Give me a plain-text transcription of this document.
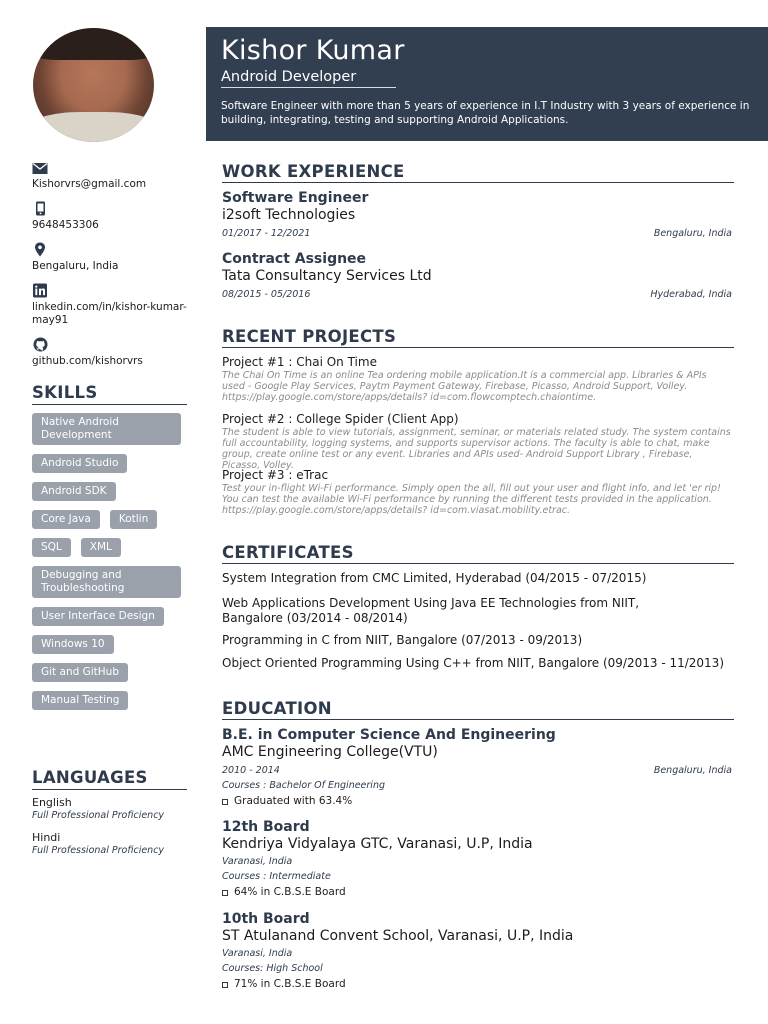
Kishor Kumar
Android Developer
Software Engineer with more than 5 years of experience in I.T Industry with 3 years of experience in building, integrating, testing and supporting Android Applications.
Kishorvrs@gmail.com
9648453306
Bengaluru, India
linkedin.com/in/kishor-kumar-may91
github.com/kishorvrs
SKILLS
Native Android Development
Android Studio
Android SDK
Core Java	Kotlin
SQL	XML
Debugging and Troubleshooting
User Interface Design
Windows 10
Git and GitHub
Manual Testing
LANGUAGES
English
Full Professional Proficiency
Hindi
Full Professional Proficiency
WORK EXPERIENCE
Software Engineer
i2soft Technologies
01/2017 - 12/2021	Bengaluru, India
Contract Assignee
Tata Consultancy Services Ltd
08/2015 - 05/2016	Hyderabad, India
RECENT PROJECTS
Project #1 : Chai On Time
The Chai On Time is an online Tea ordering mobile application.It is a commercial app. Libraries & APIs used - Google Play Services, Paytm Payment Gateway, Firebase, Picasso, Android Support, Volley. https://play.google.com/store/apps/details? id=com.flowcomptech.chaiontime.
Project #2 : College Spider (Client App)
The student is able to view tutorials, assignment, seminar, or materials related study. The system contains full accountability, logging systems, and supports supervisor actions. The faculty is able to chat, make group, create online test or any event. Libraries and APIs used- Android Support Library , Firebase, Picasso, Volley.
Project #3 : eTrac
Test your in-flight Wi-Fi performance. Simply open the all, fill out your user and flight info, and let 'er rip! You can test the available Wi-Fi performance by running the different tests provided in the application. https://play.google.com/store/apps/details? id=com.viasat.mobility.etrac.
CERTIFICATES
System Integration from CMC Limited, Hyderabad (04/2015 - 07/2015)
Web Applications Development Using Java EE Technologies from NIIT, Bangalore (03/2014 - 08/2014)
Programming in C from NIIT, Bangalore (07/2013 - 09/2013)
Object Oriented Programming Using C++ from NIIT, Bangalore (09/2013 - 11/2013)
EDUCATION
B.E. in Computer Science And Engineering
AMC Engineering College(VTU)
2010 - 2014	Bengaluru, India
Courses : Bachelor Of Engineering
Graduated with 63.4%
12th Board
Kendriya Vidyalaya GTC, Varanasi, U.P, India
Varanasi, India
Courses : Intermediate
64% in C.B.S.E Board
10th Board
ST Atulanand Convent School, Varanasi, U.P, India
Varanasi, India
Courses: High School
71% in C.B.S.E Board
